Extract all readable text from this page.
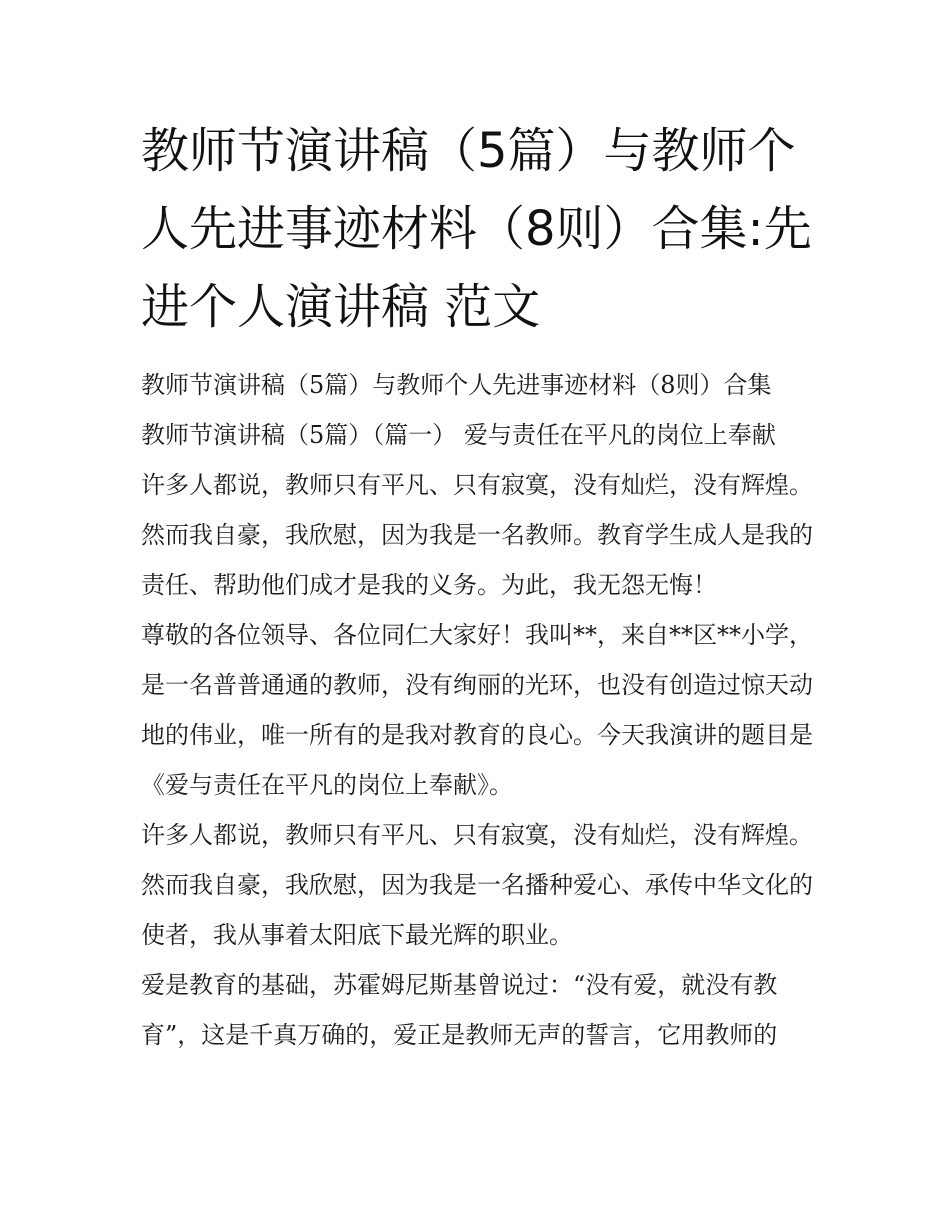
教师节演讲稿（5篇）与教师个人先进事迹材料（8则）合集:先进个人演讲稿 范文

教师节演讲稿（5篇）与教师个人先进事迹材料（8则）合集

教师节演讲稿（5篇）（篇一） 爱与责任在平凡的岗位上奉献

许多人都说，教师只有平凡、只有寂寞，没有灿烂，没有辉煌。然而我自豪，我欣慰，因为我是一名教师。教育学生成人是我的责任、帮助他们成才是我的义务。为此，我无怨无悔！

尊敬的各位领导、各位同仁大家好！我叫**，来自**区**小学，是一名普普通通的教师，没有绚丽的光环，也没有创造过惊天动地的伟业，唯一所有的是我对教育的良心。今天我演讲的题目是《爱与责任在平凡的岗位上奉献》。

许多人都说，教师只有平凡、只有寂寞，没有灿烂，没有辉煌。然而我自豪，我欣慰，因为我是一名播种爱心、承传中华文化的使者，我从事着太阳底下最光辉的职业。

爱是教育的基础，苏霍姆尼斯基曾说过：“没有爱，就没有教育”，这是千真万确的，爱正是教师无声的誓言，它用教师的
